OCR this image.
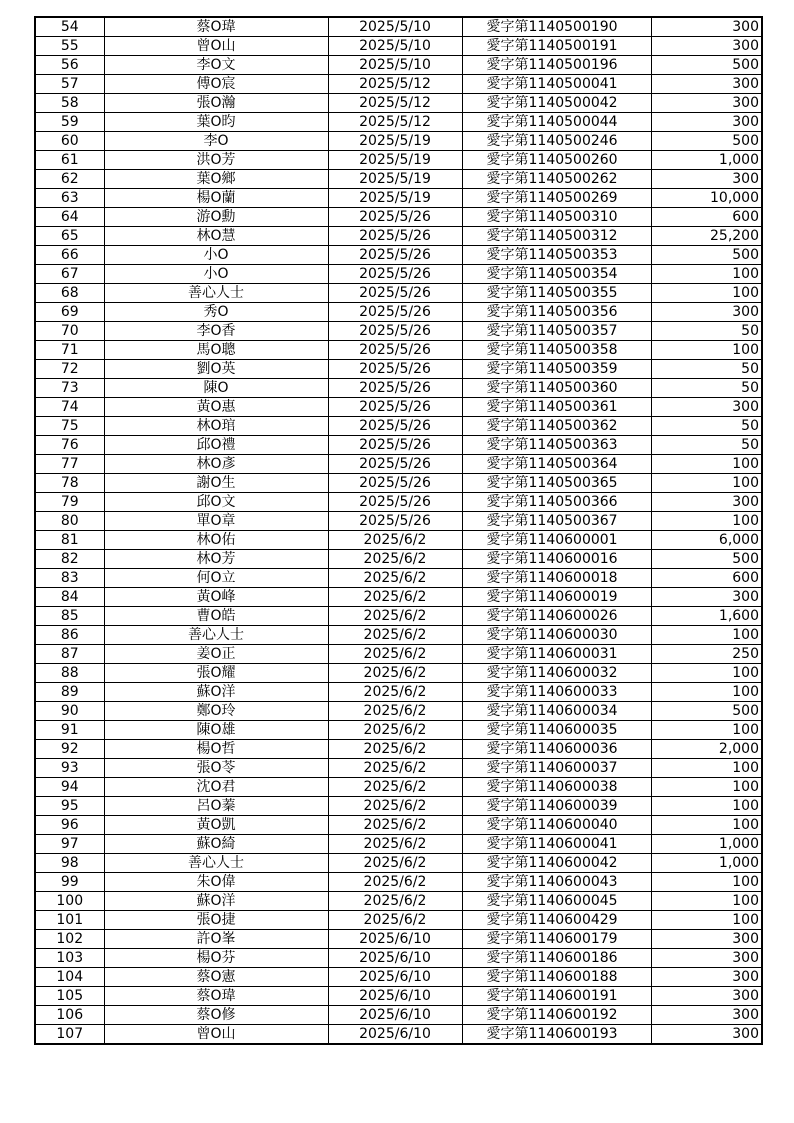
54	蔡O瑋	2025/5/10	愛字第1140500190	300
55	曾O山	2025/5/10	愛字第1140500191	300
56	李O文	2025/5/10	愛字第1140500196	500
57	傅O宸	2025/5/12	愛字第1140500041	300
58	張O瀚	2025/5/12	愛字第1140500042	300
59	葉O昀	2025/5/12	愛字第1140500044	300
60	李O	2025/5/19	愛字第1140500246	500
61	洪O芳	2025/5/19	愛字第1140500260	1,000
62	葉O鄉	2025/5/19	愛字第1140500262	300
63	楊O蘭	2025/5/19	愛字第1140500269	10,000
64	游O勳	2025/5/26	愛字第1140500310	600
65	林O慧	2025/5/26	愛字第1140500312	25,200
66	小O	2025/5/26	愛字第1140500353	500
67	小O	2025/5/26	愛字第1140500354	100
68	善心人士	2025/5/26	愛字第1140500355	100
69	秀O	2025/5/26	愛字第1140500356	300
70	李O香	2025/5/26	愛字第1140500357	50
71	馬O聰	2025/5/26	愛字第1140500358	100
72	劉O英	2025/5/26	愛字第1140500359	50
73	陳O	2025/5/26	愛字第1140500360	50
74	黃O惠	2025/5/26	愛字第1140500361	300
75	林O琯	2025/5/26	愛字第1140500362	50
76	邱O禮	2025/5/26	愛字第1140500363	50
77	林O彥	2025/5/26	愛字第1140500364	100
78	謝O生	2025/5/26	愛字第1140500365	100
79	邱O文	2025/5/26	愛字第1140500366	300
80	單O章	2025/5/26	愛字第1140500367	100
81	林O佑	2025/6/2	愛字第1140600001	6,000
82	林O芳	2025/6/2	愛字第1140600016	500
83	何O立	2025/6/2	愛字第1140600018	600
84	黃O峰	2025/6/2	愛字第1140600019	300
85	曹O皓	2025/6/2	愛字第1140600026	1,600
86	善心人士	2025/6/2	愛字第1140600030	100
87	姜O正	2025/6/2	愛字第1140600031	250
88	張O耀	2025/6/2	愛字第1140600032	100
89	蘇O洋	2025/6/2	愛字第1140600033	100
90	鄭O玲	2025/6/2	愛字第1140600034	500
91	陳O雄	2025/6/2	愛字第1140600035	100
92	楊O哲	2025/6/2	愛字第1140600036	2,000
93	張O苓	2025/6/2	愛字第1140600037	100
94	沈O君	2025/6/2	愛字第1140600038	100
95	呂O蓁	2025/6/2	愛字第1140600039	100
96	黃O凱	2025/6/2	愛字第1140600040	100
97	蘇O綺	2025/6/2	愛字第1140600041	1,000
98	善心人士	2025/6/2	愛字第1140600042	1,000
99	朱O偉	2025/6/2	愛字第1140600043	100
100	蘇O洋	2025/6/2	愛字第1140600045	100
101	張O捷	2025/6/2	愛字第1140600429	100
102	許O峯	2025/6/10	愛字第1140600179	300
103	楊O芬	2025/6/10	愛字第1140600186	300
104	蔡O憲	2025/6/10	愛字第1140600188	300
105	蔡O瑋	2025/6/10	愛字第1140600191	300
106	蔡O修	2025/6/10	愛字第1140600192	300
107	曾O山	2025/6/10	愛字第1140600193	300
